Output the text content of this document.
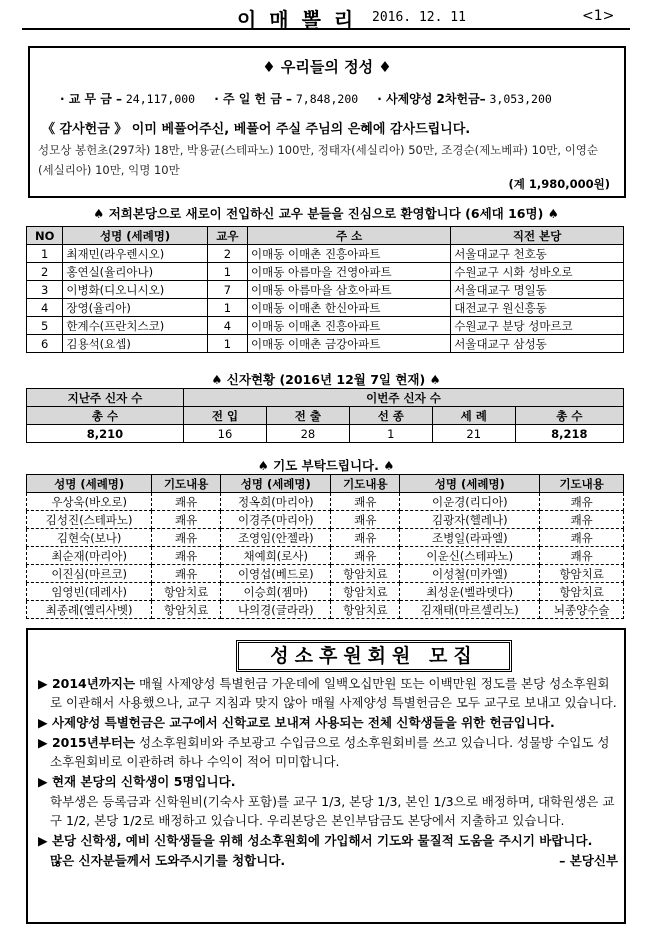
이 매 뽈 리 2016. 12. 11	<1>
♦ 우리들의 정성 ♦
· 교 무 금 – 24,117,000 · 주 일 헌 금 – 7,848,200 · 사제양성 2차헌금– 3,053,200
《 감사헌금 》 이미 베풀어주신, 베풀어 주실 주님의 은혜에 감사드립니다.
성모상 봉헌초(297차) 18만, 박용균(스테파노) 100만, 정태자(세실리아) 50만, 조경순(제노베파) 10만, 이영순(세실리아) 10만, 익명 10만
(계 1,980,000원)
♠ 저희본당으로 새로이 전입하신 교우 분들을 진심으로 환영합니다 (6세대 16명) ♠
NO	성명 (세례명)	교우	주 소	직전 본당
1	최재민(라우렌시오)	2	이매동 이매촌 진흥아파트	서울대교구 천호동
2	홍연실(율리아나)	1	이매동 아름마을 건영아파트	수원교구 시화 성바오로
3	이병화(디오니시오)	7	이매동 아름마을 삼호아파트	서울대교구 명일동
4	장영(율리아)	1	이매동 이매촌 한신아파트	대전교구 원신흥동
5	한계수(프란치스코)	4	이매동 이매촌 진흥아파트	수원교구 분당 성마르코
6	김용석(요셉)	1	이매동 이매촌 금강아파트	서울대교구 삼성동
♠ 신자현황 (2016년 12월 7일 현재) ♠
지난주 신자 수	이번주 신자 수				
총 수	전 입	전 출	선 종	세 례	총 수
8,210	16	28	1	21	8,218
♠ 기도 부탁드립니다. ♠
성명 (세례명)	기도내용	성명 (세례명)	기도내용	성명 (세례명)	기도내용
우상욱(바오로)	쾌유	정옥희(마리아)	쾌유	이운경(리디아)	쾌유
김성진(스테파노)	쾌유	이경주(마리아)	쾌유	김광자(헬레나)	쾌유
김현숙(보나)	쾌유	조영임(안젤라)	쾌유	조병일(라파엘)	쾌유
최순재(마리아)	쾌유	채예희(로사)	쾌유	이운신(스테파노)	쾌유
이진심(마르코)	쾌유	이영섭(베드로)	항암치료	이성철(미카엘)	항암치료
임영빈(데레사)	항암치료	이승희(젬마)	항암치료	최성운(벨라뎃다)	항암치료
최종례(엘리사벳)	항암치료	나의경(글라라)	항암치료	김재태(마르셀리노)	뇌종양수술
성소후원회원 모집
▶ 2014년까지는 매월 사제양성 특별헌금 가운데에 일백오십만원 또는 이백만원 정도를 본당 성소후원회로 이관해서 사용했으나, 교구 지침과 맞지 않아 매월 사제양성 특별헌금은 모두 교구로 보내고 있습니다.
▶ 사제양성 특별헌금은 교구에서 신학교로 보내져 사용되는 전체 신학생들을 위한 헌금입니다.
▶ 2015년부터는 성소후원회비와 주보광고 수입금으로 성소후원회비를 쓰고 있습니다. 성물방 수입도 성소후원회비로 이관하려 하나 수익이 적어 미미합니다.
▶ 현재 본당의 신학생이 5명입니다.
학부생은 등록금과 신학원비(기숙사 포함)를 교구 1/3, 본당 1/3, 본인 1/3으로 배정하며, 대학원생은 교구 1/2, 본당 1/2로 배정하고 있습니다. 우리본당은 본인부담금도 본당에서 지출하고 있습니다.
▶ 본당 신학생, 예비 신학생들을 위해 성소후원회에 가입해서 기도와 물질적 도움을 주시기 바랍니다.
많은 신자분들께서 도와주시기를 청합니다.	– 본당신부
